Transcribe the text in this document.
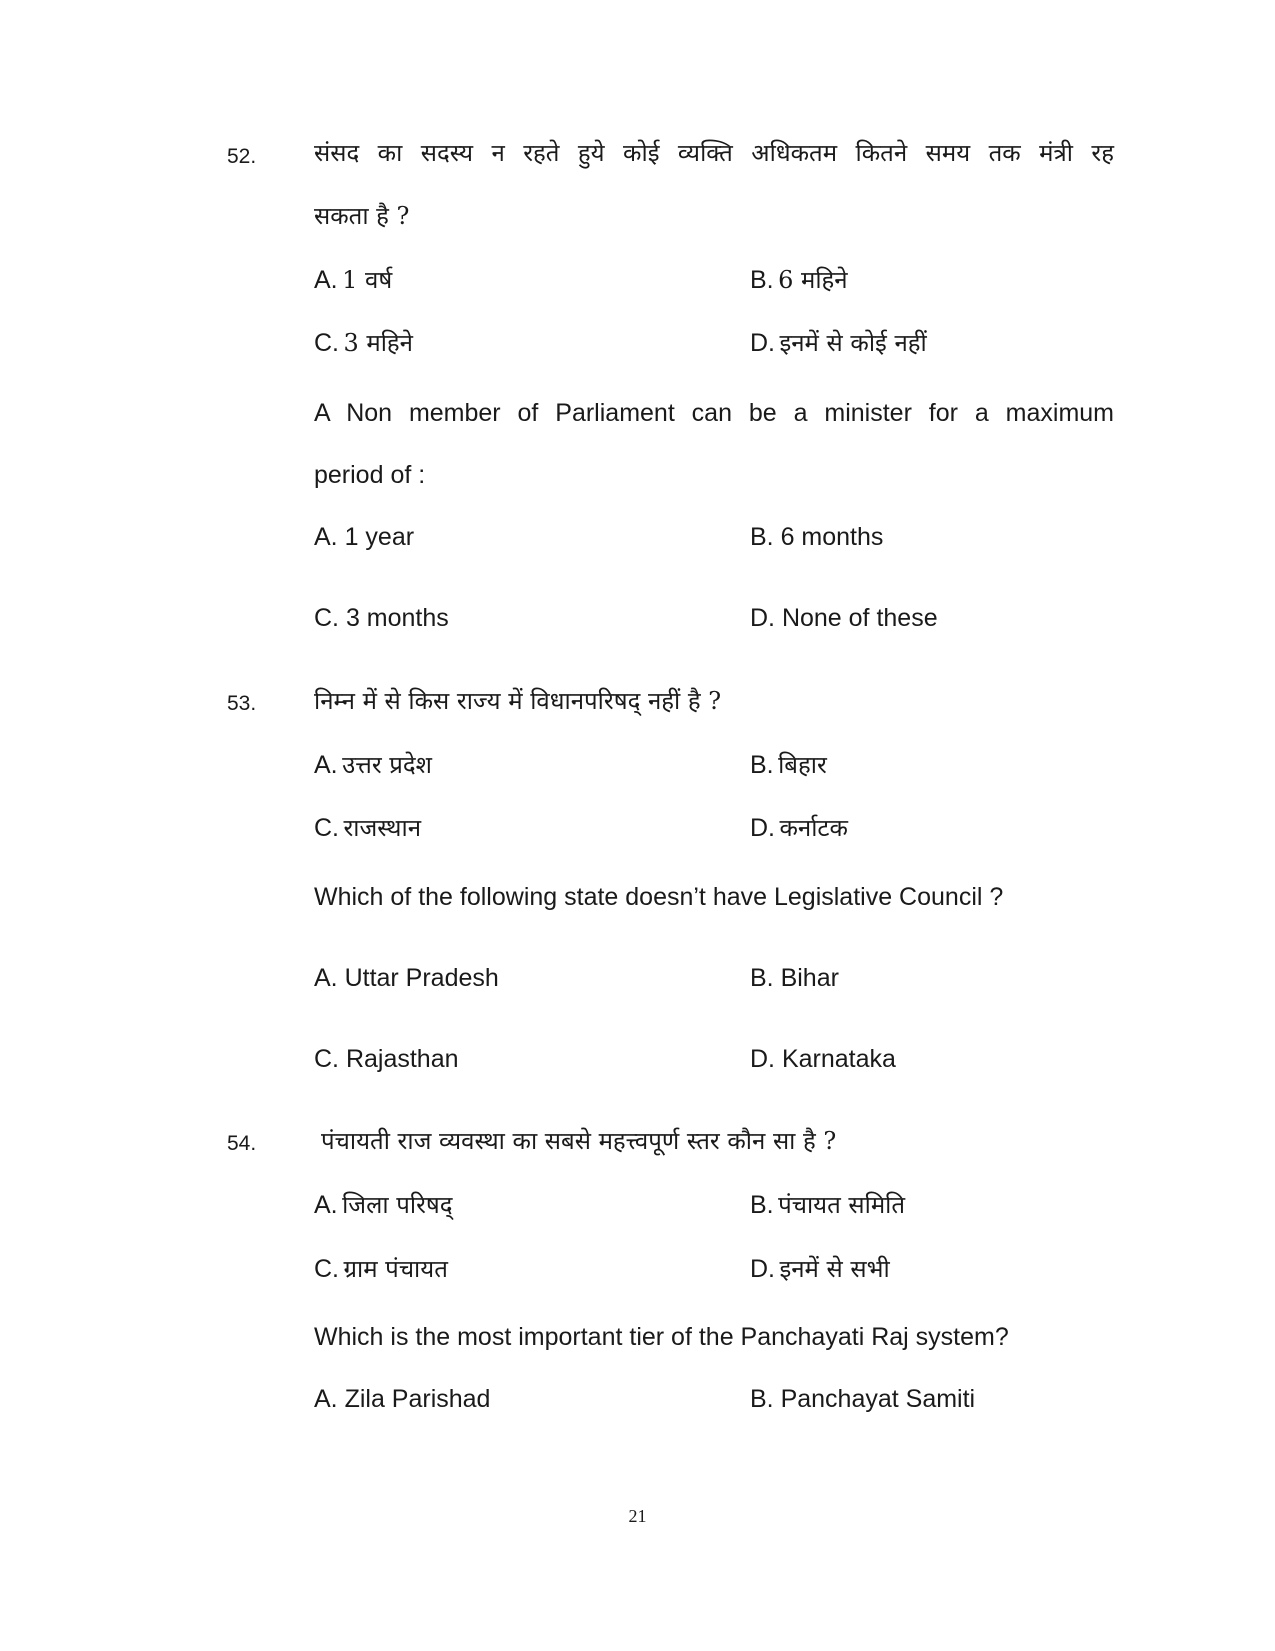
52. संसद का सदस्य न रहते हुये कोई व्यक्ति अधिकतम कितने समय तक मंत्री रह
सकता है ?
A. 1 वर्ष	B. 6 महिने
C. 3 महिने	D. इनमें से कोई नहीं
A Non member of Parliament can be a minister for a maximum
period of :
A. 1 year	B. 6 months
C. 3 months	D. None of these
53. निम्न में से किस राज्य में विधानपरिषद् नहीं है ?
A. उत्तर प्रदेश	B. बिहार
C. राजस्थान	D. कर्नाटक
Which of the following state doesn’t have Legislative Council ?
A. Uttar Pradesh	B. Bihar
C. Rajasthan	D. Karnataka
54.	पंचायती राज व्यवस्था का सबसे महत्त्वपूर्ण स्तर कौन सा है ?
A. जिला परिषद्	B. पंचायत समिति
C. ग्राम पंचायत	D. इनमें से सभी
Which is the most important tier of the Panchayati Raj system?
A. Zila Parishad	B. Panchayat Samiti
21
